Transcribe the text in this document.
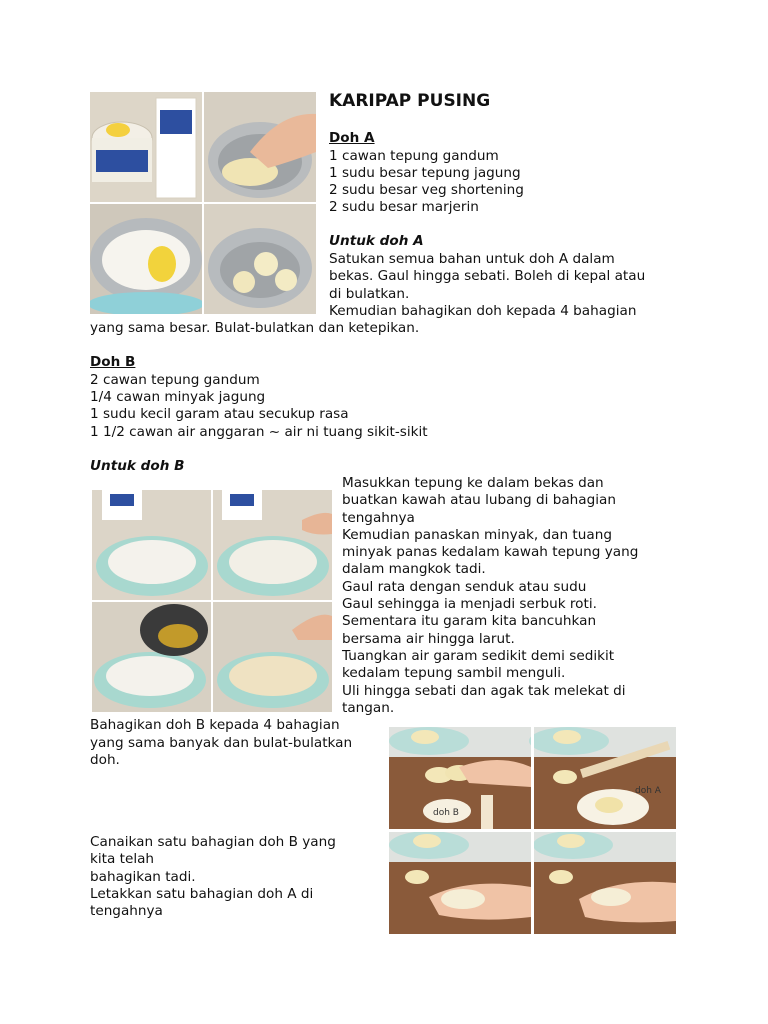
KARIPAP PUSING
Doh A
1 cawan tepung gandum
1 sudu besar tepung jagung
2 sudu besar veg shortening
2 sudu besar marjerin
Untuk doh A
Satukan semua bahan untuk doh A dalam
bekas. Gaul hingga sebati. Boleh di kepal atau
di bulatkan.
Kemudian bahagikan doh kepada 4 bahagian
yang sama besar. Bulat-bulatkan dan ketepikan.
Doh B
2 cawan tepung gandum
1/4 cawan minyak jagung
1 sudu kecil garam atau secukup rasa
1 1/2 cawan air anggaran ~ air ni tuang sikit-sikit
Untuk doh B
Masukkan tepung ke dalam bekas dan
buatkan kawah atau lubang di bahagian
tengahnya
Kemudian panaskan minyak, dan tuang
minyak panas kedalam kawah tepung yang
dalam mangkok tadi.
Gaul rata dengan senduk atau sudu
Gaul sehingga ia menjadi serbuk roti.
Sementara itu garam kita bancuhkan
bersama air hingga larut.
Tuangkan air garam sedikit demi sedikit
kedalam tepung sambil menguli.
Uli hingga sebati dan agak tak melekat di
tangan.
Bahagikan doh B kepada 4 bahagian
yang sama banyak dan bulat-bulatkan
doh.
Canaikan satu bahagian doh B yang
kita telah
bahagikan tadi.
Letakkan satu bahagian doh A di
tengahnya
doh B
doh A
